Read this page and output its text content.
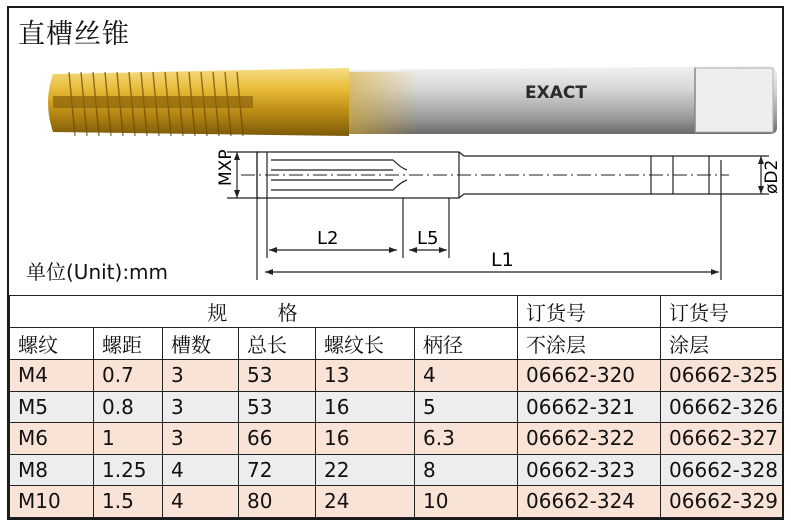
直槽丝锥
EXACT
MXP	øD2
L2	L5
L1
单位(Unit):mm
规 格						订货号	订货号
螺纹	螺距	槽数	总长	螺纹长	柄径	不涂层	涂层
M4	0.7	3	53	13	4	06662-320	06662-325
M5	0.8	3	53	16	5	06662-321	06662-326
M6	1	3	66	16	6.3	06662-322	06662-327
M8	1.25	4	72	22	8	06662-323	06662-328
M10	1.5	4	80	24	10	06662-324	06662-329
